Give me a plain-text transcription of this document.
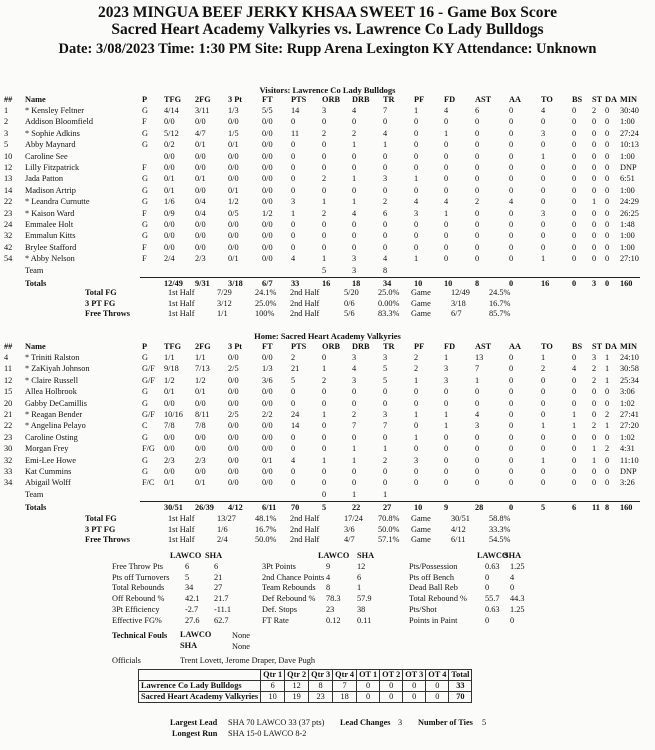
2023 MINGUA BEEF JERKY KHSAA SWEET 16 - Game Box Score
Sacred Heart Academy Valkyries vs. Lawrence Co Lady Bulldogs
Date: 3/08/2023 Time: 1:30 PM Site: Rupp Arena Lexington KY Attendance: Unknown
Visitors: Lawrence Co Lady Bulldogs
## Name	P TFG 2FG 3 Pt FT PTS ORB DRB TR PF FD AST AA TO BS ST DA MIN
1 * Kensley Feltner	G 4/14 3/11 1/3	5/5 14	3	4	7	1	4	6	0	4	0 2 0 30:40
2 Addison Bloomfield	F 0/0 0/0	0/0	0/0 0	0	0	0	0	0	0	0	0	0 0 0 1:00
3 * Sophie Adkins	G 5/12 4/7	1/5	0/0 11	2	2	4	0	1	0	0	3	0 0 0 27:24
5 Abby Maynard	G 0/2 0/1	0/1	0/0 0	0	1	1	0	0	0	0	0	0 0 0 10:13
10 Caroline See	0/0 0/0	0/0	0/0 0	0	0	0	0	0	0	0	1	0 0 0 1:00
12 Lilly Fitzpatrick	F 0/0 0/0	0/0	0/0 0	0	0	0	0	0	0	0	0	0 0 0 DNP
13 Jada Patton	G 0/1 0/1	0/0	0/0 0	2	1	3	1	0	0	0	0	0 0 0 6:51
14 Madison Artrip	G 0/1 0/0	0/1	0/0 0	0	0	0	0	0	0	0	0	0 0 0 1:00
22 * Leandra Curnutte	G 1/6 0/4	1/2	0/0 3	1	1	2	4	4	2	4	0	0 1 0 24:29
23 * Kaison Ward	F 0/9 0/4	0/5	1/2 1	2	4	6	3	1	0	0	3	0 0 0 26:25
24 Emmalee Holt	G 0/0 0/0	0/0	0/0 0	0	0	0	0	0	0	0	0	0 0 0 1:48
32 Emmalun Kitts	G 0/0 0/0	0/0	0/0 0	0	0	0	0	0	0	0	0	0 0 0 1:00
42 Brylee Stafford	F 0/0 0/0	0/0	0/0 0	0	0	0	0	0	0	0	0	0 0 0 1:00
54 * Abby Nelson	F 2/4 2/3	0/1	0/0 4	1	3	4	1	0	0	0	1	0 0 0 27:10
Team	5	3	8
Totals	12/49 9/31 3/18 6/7 33	16	18	34	10	10	8	0	16	0 3 0 160
Total FG	1st Half	7/29	24.1% 2nd Half	5/20 25.0% Game 12/49 24.5%
3 PT FG	1st Half	3/12	25.0% 2nd Half	0/6	0.00% Game 3/18	16.7%
Free Throws	1st Half	1/1	100% 2nd Half	5/6	83.3% Game 6/7	85.7%
Home: Sacred Heart Academy Valkyries
## Name	P TFG 2FG 3 Pt FT PTS ORB DRB TR PF FD AST AA TO BS ST DA MIN
4 * Triniti Ralston	G 1/1 1/1	0/0	0/0 2	0	3	3	2	1	13	0	1	0 3 1 24:10
11 * ZaKiyah Johnson	G/F 9/18 7/13 2/5	1/3 21	1	4	5	2	3	7	0	2	4 2 1 30:58
12 * Claire Russell	G/F 1/2 1/2	0/0	3/6 5	2	3	5	1	3	1	0	0	0 2 1 25:34
15 Allea Holbrook	G 0/1 0/1	0/0	0/0 0	0	0	0	0	0	0	0	0	0 0 0 3:06
20 Gabby DeCamillis	G 0/0 0/0	0/0	0/0 0	0	0	0	0	0	0	0	0	0 0 0 1:02
21 * Reagan Bender	G/F 10/16 8/11 2/5	2/2 24	1	2	3	1	1	4	0	0	1 0 2 27:41
22 * Angelina Pelayo	C 7/8 7/8	0/0	0/0 14	0	7	7	0	1	3	0	1	1 2 1 27:20
23 Caroline Osting	G 0/0 0/0	0/0	0/0 0	0	0	0	1	0	0	0	0	0 0 0 1:02
30 Morgan Frey	F/G 0/0 0/0	0/0	0/0 0	0	1	1	0	0	0	0	0	0 1 2 4:31
32 Emi-Lee Howe	G 2/3 2/3	0/0	0/1 4	1	1	2	3	0	0	0	1	0 1 0 11:10
33 Kat Cummins	G 0/0 0/0	0/0	0/0 0	0	0	0	0	0	0	0	0	0 0 0 DNP
34 Abigail Wolff	F/C 0/1 0/1	0/0	0/0 0	0	0	0	0	0	0	0	0	0 0 0 3:26
Team	0	1	1
Totals	30/51 26/39 4/12 6/11 70	5	22	27	10	9	28	0	5	6 11 8 160
Total FG	1st Half	13/27 48.1% 2nd Half	17/24 70.8% Game 30/51 58.8%
3 PT FG	1st Half	1/6	16.7% 2nd Half	3/6	50.0% Game 4/12	33.3%
Free Throws	1st Half	2/4	50.0% 2nd Half	4/7	57.1% Game 6/11	54.5%
LAWCO SHA
Free Throw Pts	6	6
Pts off Turnovers 5	21
Total Rebounds	34 27
Off Rebound % 42.1 21.7
3Pt Efficiency	-2.7 -11.1
Effective FG%	27.6 62.7
LAWCO SHA
3Pt Points	9	12
2nd Chance Points 4	6
Team Rebounds 8	1
Def Rebound % 78.3 57.9
Def. Stops	23	38
FT Rate	0.12 0.11
LAWCO
SHA
Pts/Possession	0.63 1.25
Pts off Bench	0	4
Dead Ball Reb	0	0
Total Rebound % 55.7 44.3
Pts/Shot	0.63 1.25
Points in Paint	0	0
Technical Fouls LAWCO None
SHA	None
Officials	Trent Lovett, Jerome Draper, Dave Pugh
	Qtr 1	Qtr 2	Qtr 3	Qtr 4	OT 1	OT 2	OT 3	OT 4	Total
Lawrence Co Lady Bulldogs	6	12	8	7	0	0	0	0	33
Sacred Heart Academy Valkyries	10	19	23	18	0	0	0	0	70
Largest Lead SHA 70 LAWCO 33 (37 pts) Lead Changes 3 Number of Ties 5
Longest Run SHA 15-0 LAWCO 8-2
